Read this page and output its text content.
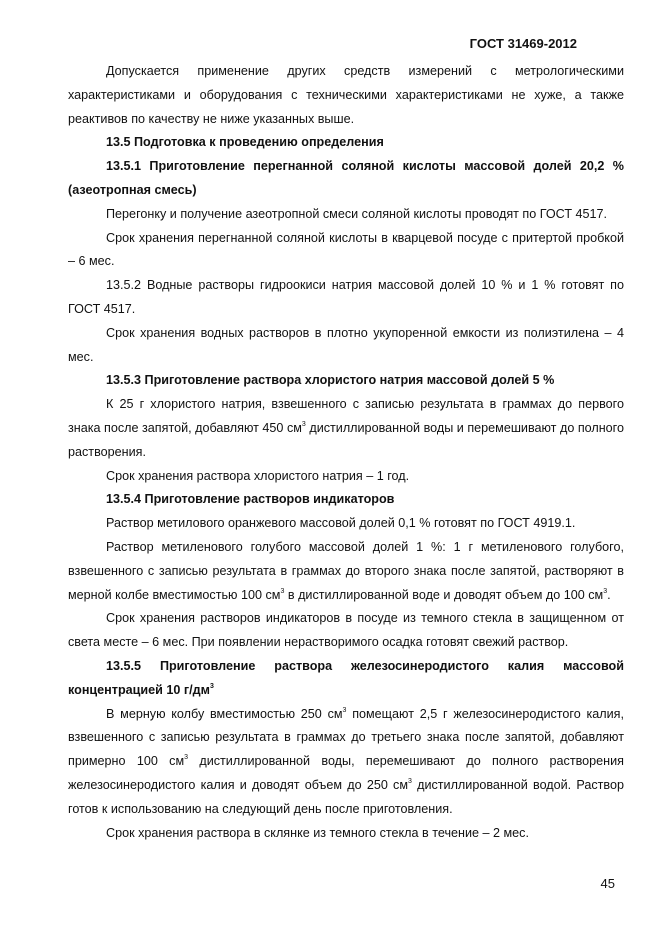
ГОСТ 31469-2012

Допускается применение других средств измерений с метрологическими характеристиками и оборудования с техническими характеристиками не хуже, а также реактивов по качеству не ниже указанных выше.

13.5 Подготовка к проведению определения

13.5.1 Приготовление перегнанной соляной кислоты массовой долей 20,2 % (азеотропная смесь)

Перегонку и получение азеотропной смеси соляной кислоты проводят по ГОСТ 4517.

Срок хранения перегнанной соляной кислоты в кварцевой посуде с притертой пробкой – 6 мес.

13.5.2 Водные растворы гидроокиси натрия массовой долей 10 % и 1 % готовят по ГОСТ 4517.

Срок хранения водных растворов в плотно укупоренной емкости из полиэтилена – 4 мес.

13.5.3 Приготовление раствора хлористого натрия массовой долей 5 %

К 25 г хлористого натрия, взвешенного с записью результата в граммах до первого знака после запятой, добавляют 450 $см^3$ дистиллированной воды и перемешивают до полного растворения.

Срок хранения раствора хлористого натрия – 1 год.

13.5.4 Приготовление растворов индикаторов

Раствор метилового оранжевого массовой долей 0,1 % готовят по ГОСТ 4919.1.

Раствор метиленового голубого массовой долей 1 %: 1 г метиленового голубого, взвешенного с записью результата в граммах до второго знака после запятой, растворяют в мерной колбе вместимостью 100 $см^3$ в дистиллированной воде и доводят объем до 100 $см^3$.

Срок хранения растворов индикаторов в посуде из темного стекла в защищенном от света месте – 6 мес. При появлении нерастворимого осадка готовят свежий раствор.

13.5.5 Приготовление раствора железосинеродистого калия массовой концентрацией 10 $г/дм^3$

В мерную колбу вместимостью 250 $см^3$ помещают 2,5 г железосинеродистого калия, взвешенного с записью результата в граммах до третьего знака после запятой, добавляют примерно 100 $см^3$ дистиллированной воды, перемешивают до полного растворения железосинеродистого калия и доводят объем до 250 $см^3$ дистиллированной водой. Раствор готов к использованию на следующий день после приготовления.

Срок хранения раствора в склянке из темного стекла в течение – 2 мес.

45
